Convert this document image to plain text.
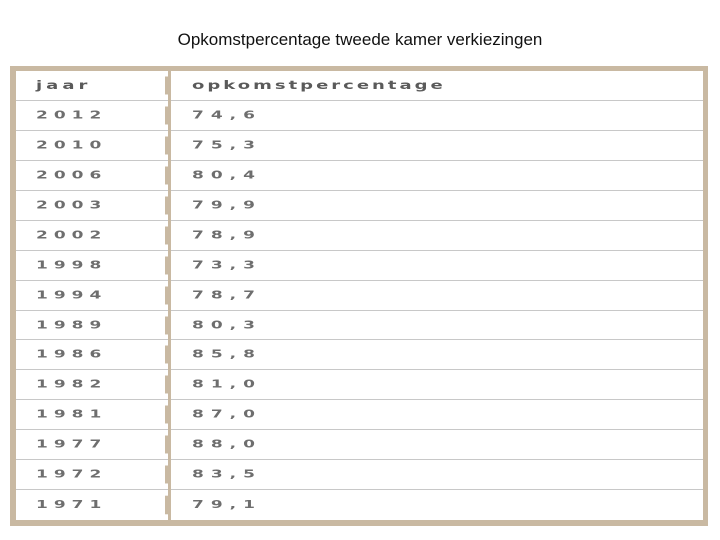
Opkomstpercentage tweede kamer verkiezingen
jaar	opkomstpercentage
2012	74,6
2010	75,3
2006	80,4
2003	79,9
2002	78,9
1998	73,3
1994	78,7
1989	80,3
1986	85,8
1982	81,0
1981	87,0
1977	88,0
1972	83,5
1971	79,1
